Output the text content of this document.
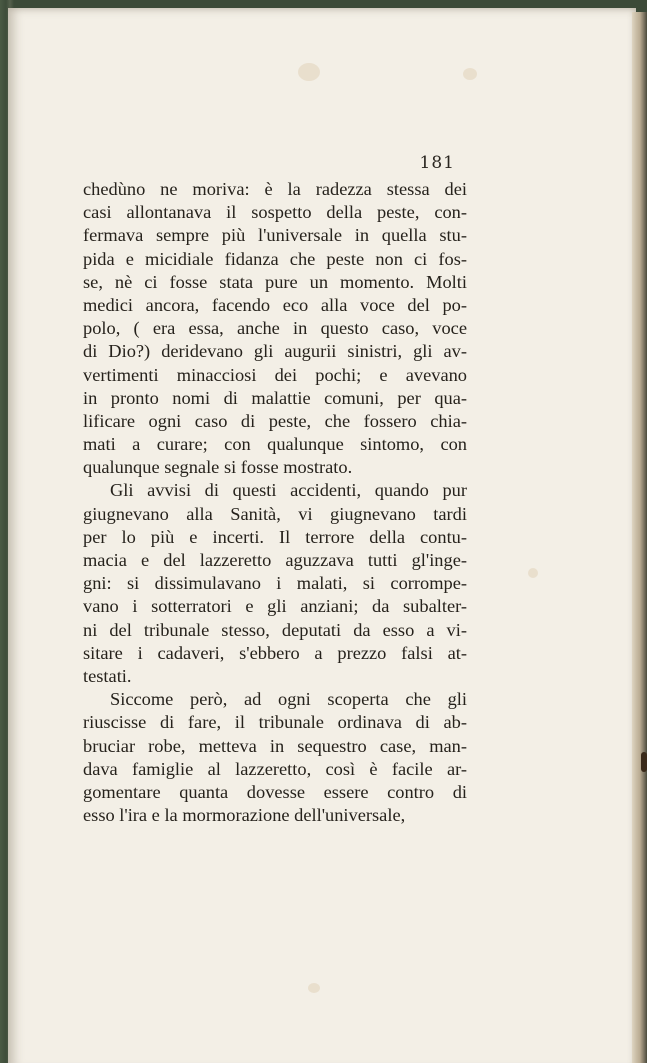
181
chedùno ne moriva: è la radezza stessa dei
casi allontanava il sospetto della peste, con-
fermava sempre più l'universale in quella stu-
pida e micidiale fidanza che peste non ci fos-
se, nè ci fosse stata pure un momento. Molti
medici ancora, facendo eco alla voce del po-
polo, ( era essa, anche in questo caso, voce
di Dio?) deridevano gli augurii sinistri, gli av-
vertimenti minacciosi dei pochi; e avevano
in pronto nomi di malattie comuni, per qua-
lificare ogni caso di peste, che fossero chia-
mati a curare; con qualunque sintomo, con
qualunque segnale si fosse mostrato.
Gli avvisi di questi accidenti, quando pur
giugnevano alla Sanità, vi giugnevano tardi
per lo più e incerti. Il terrore della contu-
macia e del lazzeretto aguzzava tutti gl'inge-
gni: si dissimulavano i malati, si corrompe-
vano i sotterratori e gli anziani; da subalter-
ni del tribunale stesso, deputati da esso a vi-
sitare i cadaveri, s'ebbero a prezzo falsi at-
testati.
Siccome però, ad ogni scoperta che gli
riuscisse di fare, il tribunale ordinava di ab-
bruciar robe, metteva in sequestro case, man-
dava famiglie al lazzeretto, così è facile ar-
gomentare quanta dovesse essere contro di
esso l'ira e la mormorazione dell'universale,
